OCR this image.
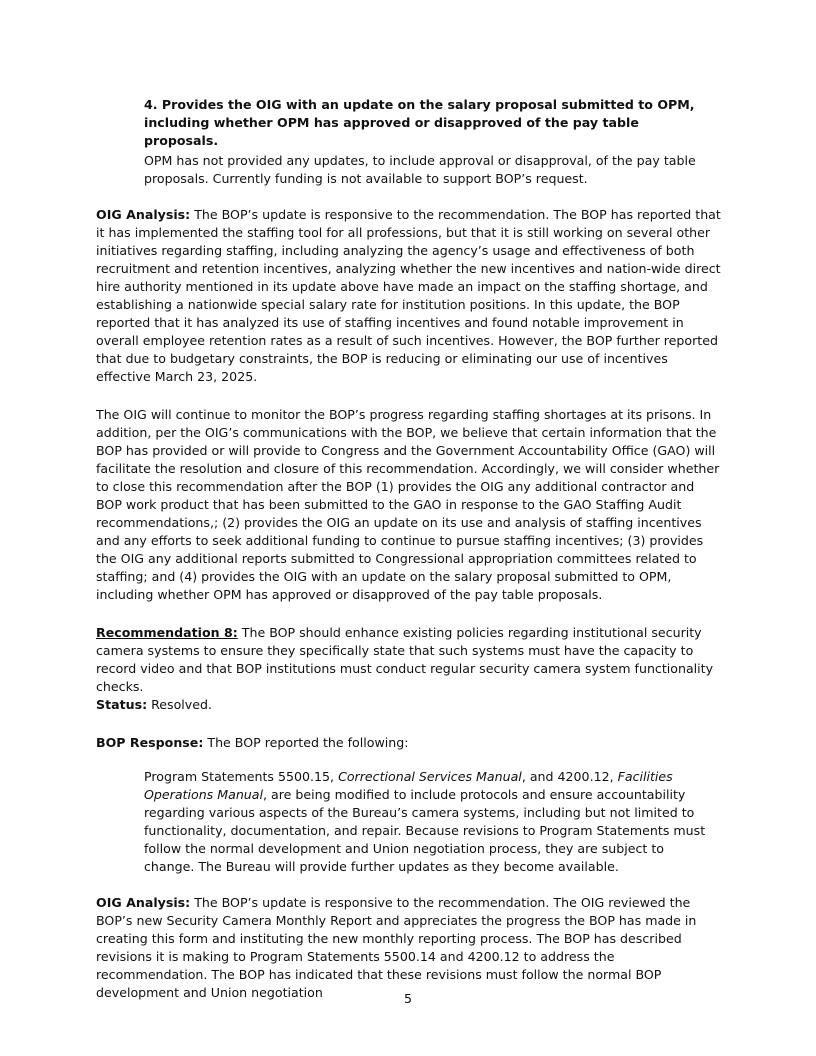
4. Provides the OIG with an update on the salary proposal submitted to OPM, including whether OPM has approved or disapproved of the pay table proposals.

OPM has not provided any updates, to include approval or disapproval, of the pay table proposals. Currently funding is not available to support BOP’s request.

OIG Analysis: The BOP’s update is responsive to the recommendation. The BOP has reported that it has implemented the staffing tool for all professions, but that it is still working on several other initiatives regarding staffing, including analyzing the agency’s usage and effectiveness of both recruitment and retention incentives, analyzing whether the new incentives and nation-wide direct hire authority mentioned in its update above have made an impact on the staffing shortage, and establishing a nationwide special salary rate for institution positions. In this update, the BOP reported that it has analyzed its use of staffing incentives and found notable improvement in overall employee retention rates as a result of such incentives. However, the BOP further reported that due to budgetary constraints, the BOP is reducing or eliminating our use of incentives effective March 23, 2025.

The OIG will continue to monitor the BOP’s progress regarding staffing shortages at its prisons. In addition, per the OIG’s communications with the BOP, we believe that certain information that the BOP has provided or will provide to Congress and the Government Accountability Office (GAO) will facilitate the resolution and closure of this recommendation. Accordingly, we will consider whether to close this recommendation after the BOP (1) provides the OIG any additional contractor and BOP work product that has been submitted to the GAO in response to the GAO Staffing Audit recommendations,; (2) provides the OIG an update on its use and analysis of staffing incentives and any efforts to seek additional funding to continue to pursue staffing incentives; (3) provides the OIG any additional reports submitted to Congressional appropriation committees related to staffing; and (4) provides the OIG with an update on the salary proposal submitted to OPM, including whether OPM has approved or disapproved of the pay table proposals.

Recommendation 8: The BOP should enhance existing policies regarding institutional security camera systems to ensure they specifically state that such systems must have the capacity to record video and that BOP institutions must conduct regular security camera system functionality checks.

Status: Resolved.

BOP Response: The BOP reported the following:

Program Statements 5500.15, Correctional Services Manual, and 4200.12, Facilities Operations Manual, are being modified to include protocols and ensure accountability regarding various aspects of the Bureau’s camera systems, including but not limited to functionality, documentation, and repair. Because revisions to Program Statements must follow the normal development and Union negotiation process, they are subject to change. The Bureau will provide further updates as they become available.

OIG Analysis: The BOP’s update is responsive to the recommendation. The OIG reviewed the BOP’s new Security Camera Monthly Report and appreciates the progress the BOP has made in creating this form and instituting the new monthly reporting process. The BOP has described revisions it is making to Program Statements 5500.14 and 4200.12 to address the recommendation. The BOP has indicated that these revisions must follow the normal BOP development and Union negotiation	5
